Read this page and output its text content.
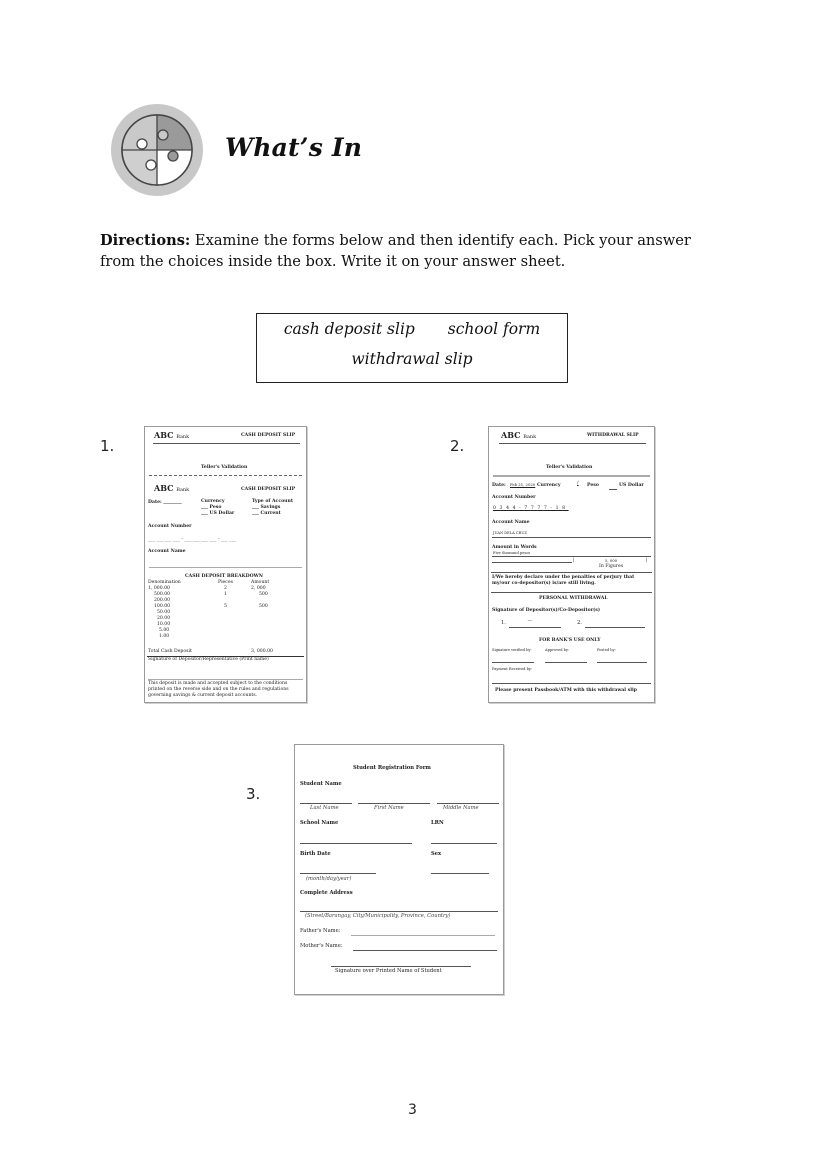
What’s In
Directions: Examine the forms below and then identify each. Pick your answer from the choices inside the box. Write it on your answer sheet.
cash deposit slip school form
withdrawal slip
1.	2.
3.
ABC Bank	CASH DEPOSIT SLIP
Teller's Validation
ABC Bank	CASH DEPOSIT SLIP
Date: ________	Currency
___ Peso
___ US Dollar
Type of Account
___ Savings
___ Current
Account Number
___ ___ ___ ___ - ___ ___ ___ ___ - ___ ___
Account Name
CASH DEPOSIT BREAKDOWN
Denomination	Pieces	Amount
1, 000.00	2	2, 000
500.00	1	500
200.00
100.00	5	500
50.00
20.00
10.00
5.00
1.00
Total Cash Deposit	3, 000.00
Signature of Depositor/Representative (Print name)
This deposit is made and accepted subject to the conditions printed on the reverse side and on the rules and regulations governing savings & current deposit accounts.
ABC Bank	WITHDRAWAL SLIP
Teller's Validation
Date: Feb 21, 2020 Currency	/ Peso	US Dollar
Account Number
0344-7777-18
Account Name
JUAN DELA CRUZ
Amount in Words
Five thousand pesos
|	5, 000	|
In Figures
I/We hereby declare under the penalties of perjury that my/our co-depositor(s) is/are still living.
PERSONAL WITHDRAWAL
Signature of Depositor(s)/Co-Depositor(s)
1.	~	2.
FOR BANK'S USE ONLY
Signature verified by:	Approved by:	Posted by:
Payment Received by:
Please present Passbook/ATM with this withdrawal slip
Student Registration Form
Student Name
Last Name	First Name	Middle Name
School Name	LRN
Birth Date	Sex
(month/day/year)
Complete Address
(Street/Barangay, City/Municipality, Province, Country)
Father's Name:
Mother's Name:
Signature over Printed Name of Student
3
